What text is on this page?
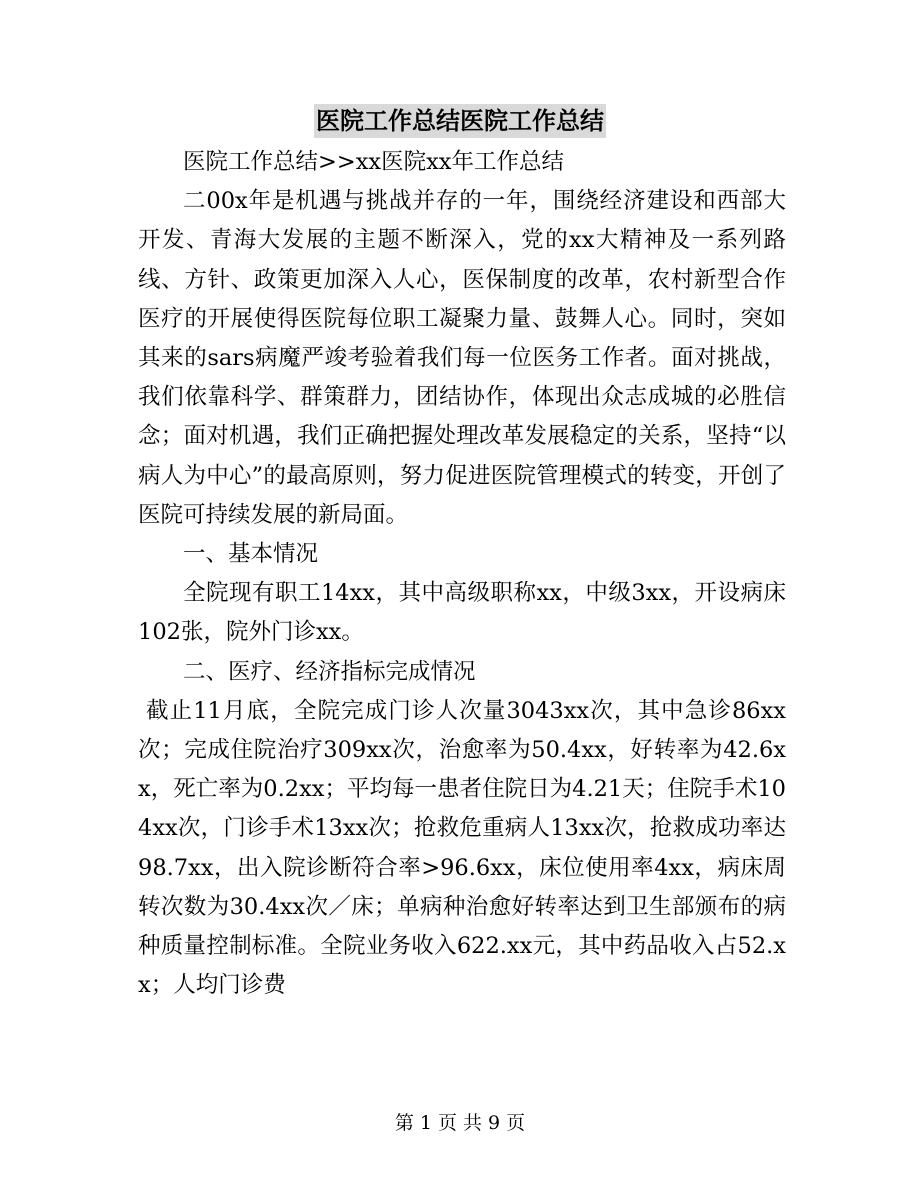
医院工作总结医院工作总结

医院工作总结>>xx医院xx年工作总结

二00x年是机遇与挑战并存的一年，围绕经济建设和西部大开发、青海大发展的主题不断深入，党的xx大精神及一系列路线、方针、政策更加深入人心，医保制度的改革，农村新型合作医疗的开展使得医院每位职工凝聚力量、鼓舞人心。同时，突如其来的sars病魔严竣考验着我们每一位医务工作者。面对挑战，我们依靠科学、群策群力，团结协作，体现出众志成城的必胜信念；面对机遇，我们正确把握处理改革发展稳定的关系，坚持“以病人为中心”的最高原则，努力促进医院管理模式的转变，开创了医院可持续发展的新局面。

一、基本情况

全院现有职工14xx，其中高级职称xx，中级3xx，开设病床102张，院外门诊xx。

二、医疗、经济指标完成情况

截止11月底，全院完成门诊人次量3043xx次，其中急诊86xx次；完成住院治疗309xx次，治愈率为50.4xx，好转率为42.6xx，死亡率为0.2xx；平均每一患者住院日为4.21天；住院手术104xx次，门诊手术13xx次；抢救危重病人13xx次，抢救成功率达98.7xx，出入院诊断符合率>96.6xx，床位使用率4xx，病床周转次数为30.4xx次／床；单病种治愈好转率达到卫生部颁布的病种质量控制标准。全院业务收入622.xx元，其中药品收入占52.xx；人均门诊费

第 1 页 共 9 页
